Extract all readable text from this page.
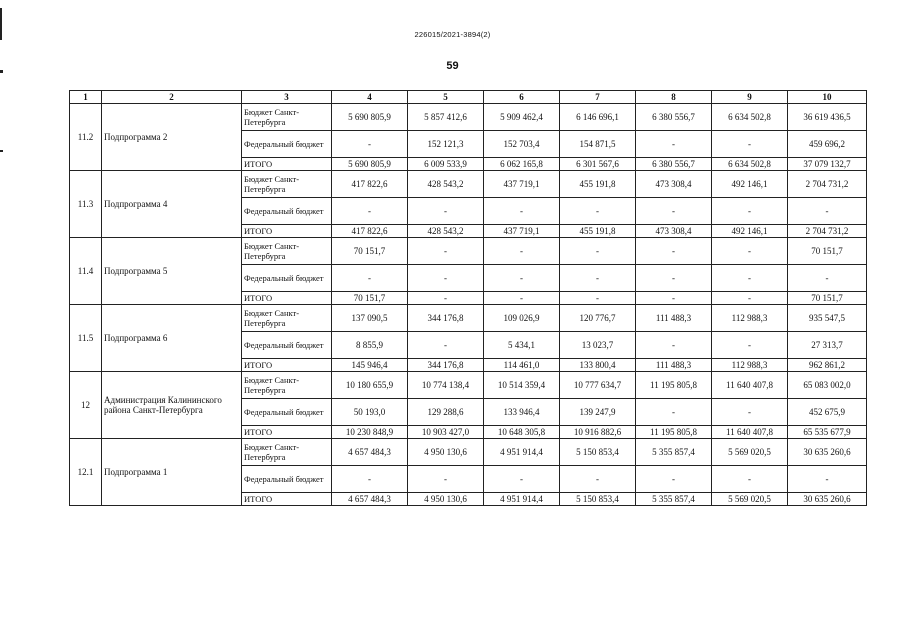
226015/2021-3894(2)
59
1	2	3	4	5	6	7	8	9	10
11.2	Подпрограмма 2	Бюджет Санкт-Петербурга	5 690 805,9	5 857 412,6	5 909 462,4	6 146 696,1	6 380 556,7	6 634 502,8	36 619 436,5
		Федеральный бюджет	-	152 121,3	152 703,4	154 871,5	-	-	459 696,2
		ИТОГО	5 690 805,9	6 009 533,9	6 062 165,8	6 301 567,6	6 380 556,7	6 634 502,8	37 079 132,7
11.3	Подпрограмма 4	Бюджет Санкт-Петербурга	417 822,6	428 543,2	437 719,1	455 191,8	473 308,4	492 146,1	2 704 731,2
		Федеральный бюджет	-	-	-	-	-	-	-
		ИТОГО	417 822,6	428 543,2	437 719,1	455 191,8	473 308,4	492 146,1	2 704 731,2
11.4	Подпрограмма 5	Бюджет Санкт-Петербурга	70 151,7	-	-	-	-	-	70 151,7
		Федеральный бюджет	-	-	-	-	-	-	-
		ИТОГО	70 151,7	-	-	-	-	-	70 151,7
11.5	Подпрограмма 6	Бюджет Санкт-Петербурга	137 090,5	344 176,8	109 026,9	120 776,7	111 488,3	112 988,3	935 547,5
		Федеральный бюджет	8 855,9	-	5 434,1	13 023,7	-	-	27 313,7
		ИТОГО	145 946,4	344 176,8	114 461,0	133 800,4	111 488,3	112 988,3	962 861,2
12	Администрация Калининского района Санкт-Петербурга	Бюджет Санкт-Петербурга	10 180 655,9	10 774 138,4	10 514 359,4	10 777 634,7	11 195 805,8	11 640 407,8	65 083 002,0
		Федеральный бюджет	50 193,0	129 288,6	133 946,4	139 247,9	-	-	452 675,9
		ИТОГО	10 230 848,9	10 903 427,0	10 648 305,8	10 916 882,6	11 195 805,8	11 640 407,8	65 535 677,9
12.1	Подпрограмма 1	Бюджет Санкт-Петербурга	4 657 484,3	4 950 130,6	4 951 914,4	5 150 853,4	5 355 857,4	5 569 020,5	30 635 260,6
		Федеральный бюджет	-	-	-	-	-	-	-
		ИТОГО	4 657 484,3	4 950 130,6	4 951 914,4	5 150 853,4	5 355 857,4	5 569 020,5	30 635 260,6
